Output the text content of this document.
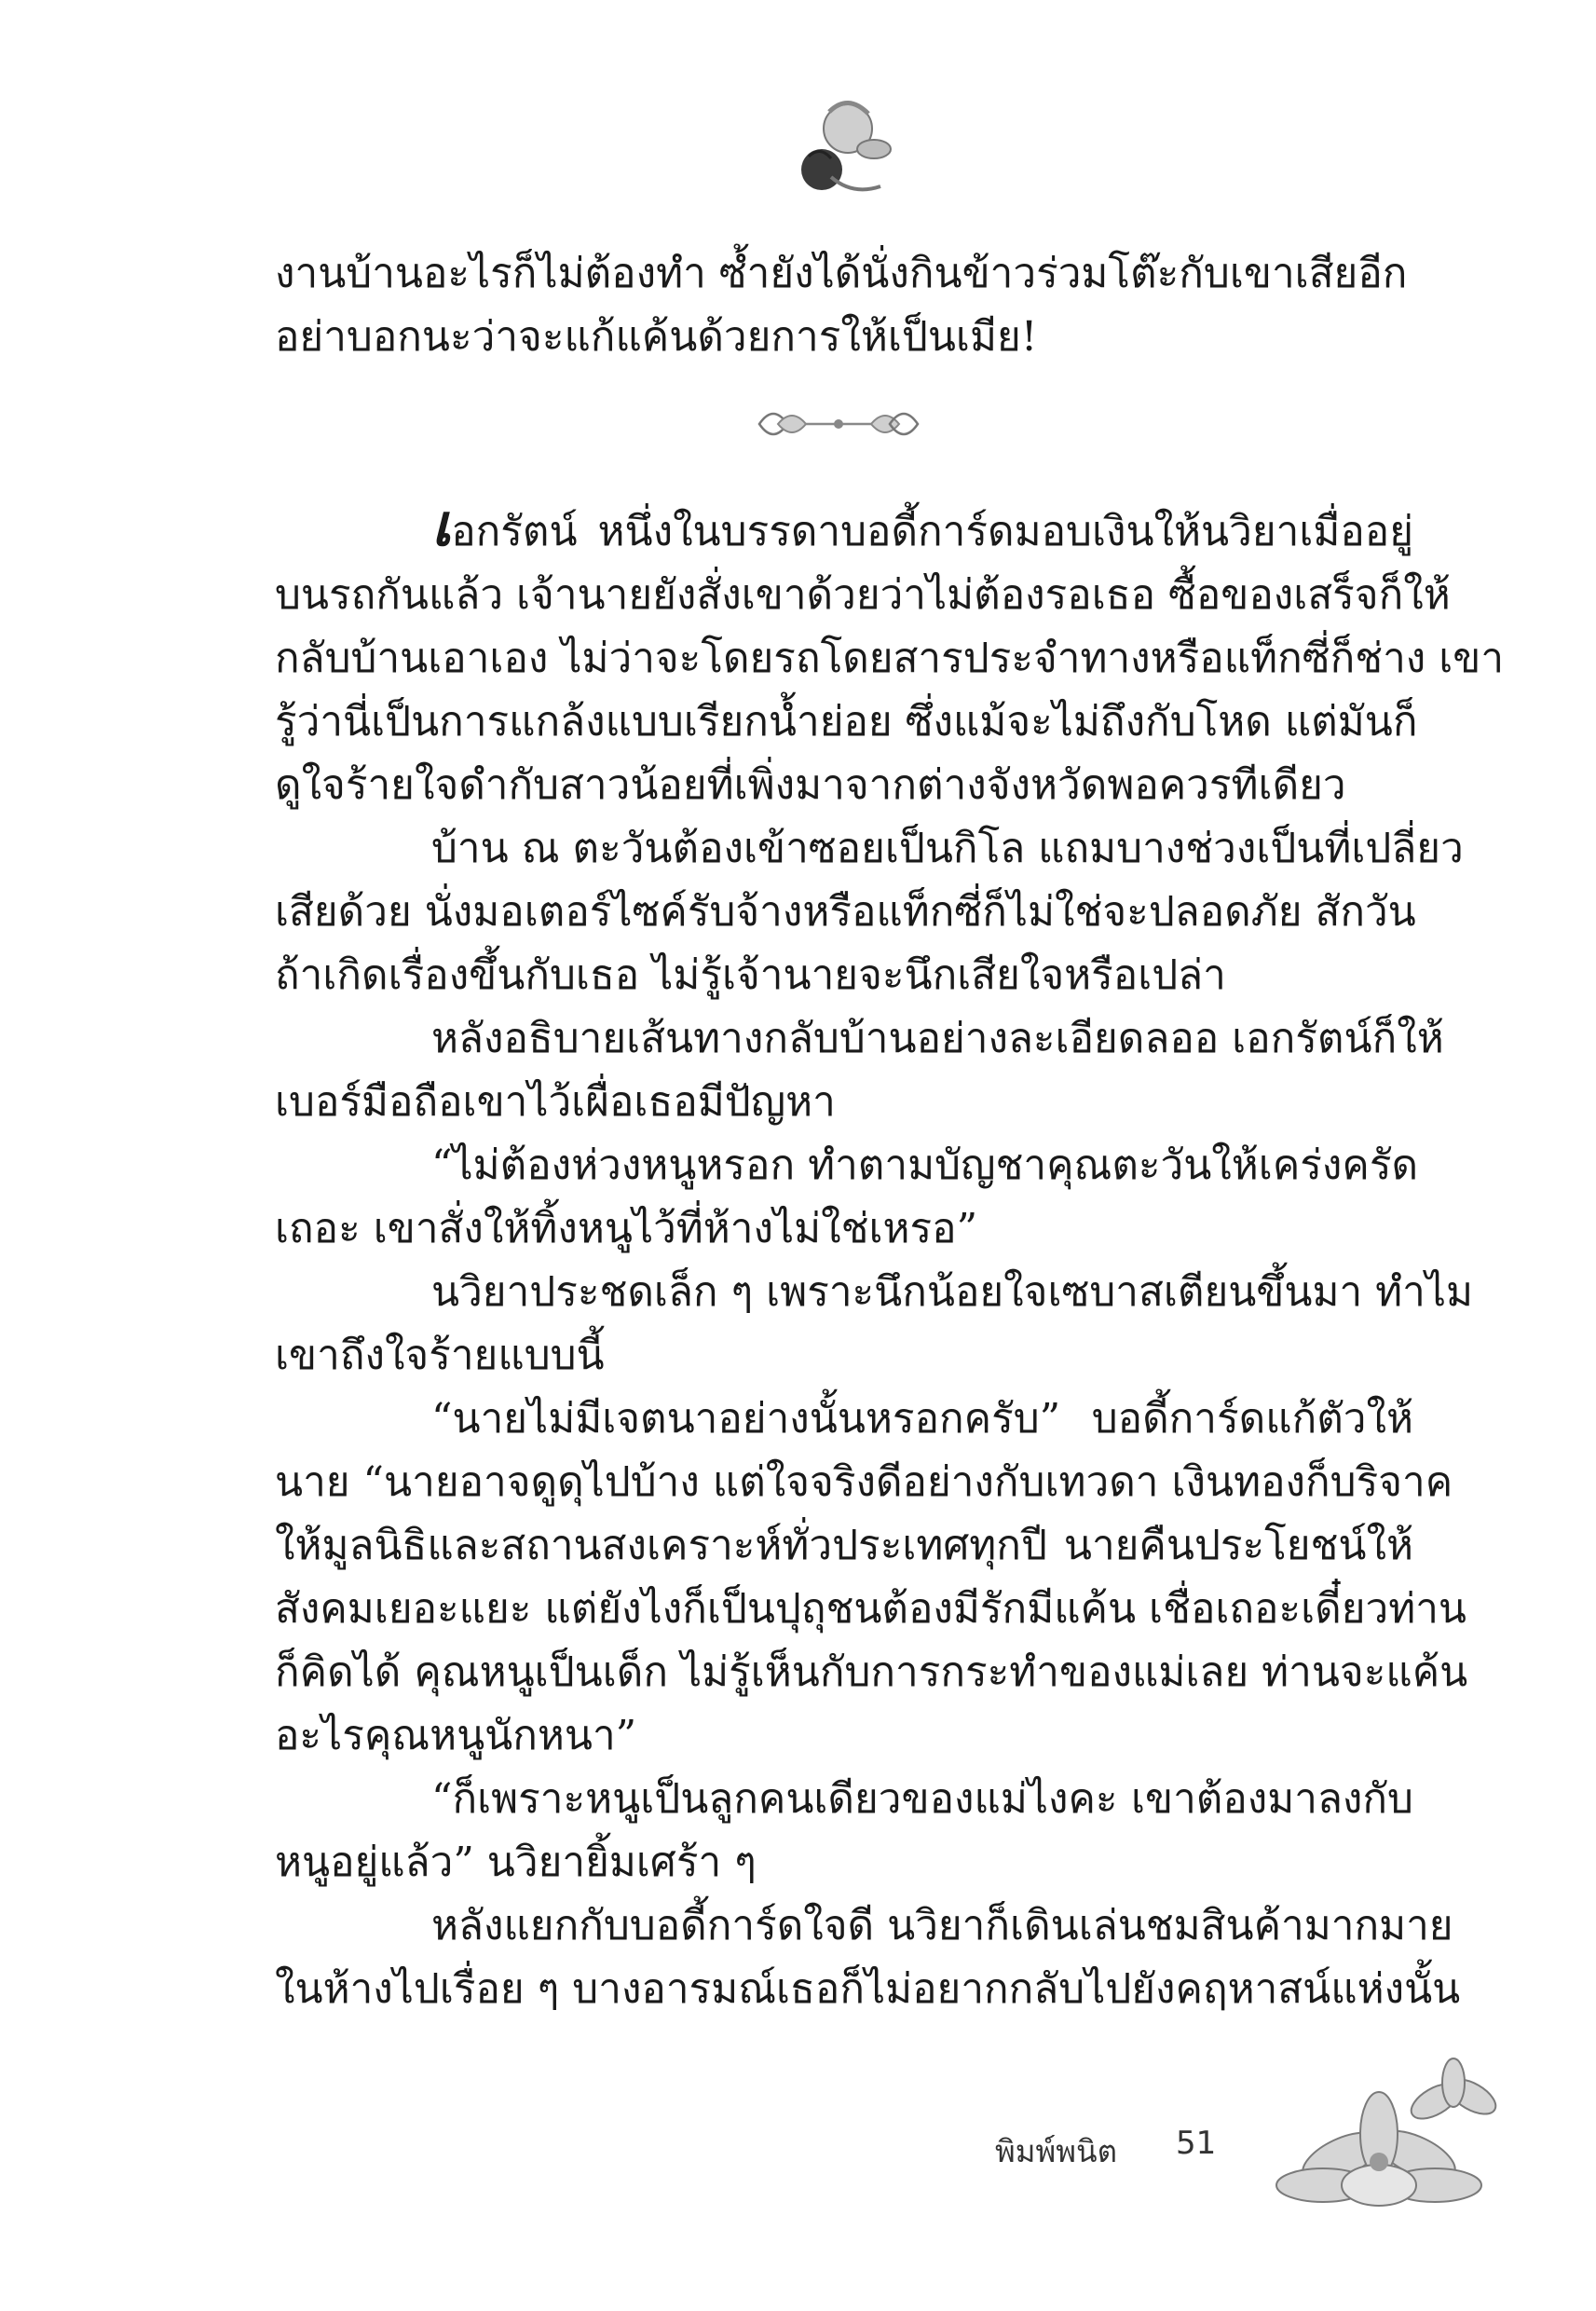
งานบ้านอะไรก็ไม่ต้องทำ ซ้ำยังได้นั่งกินข้าวร่วมโต๊ะกับเขาเสียอีก
อย่าบอกนะว่าจะแก้แค้นด้วยการให้เป็นเมีย!
เอกรัตน์ หนึ่งในบรรดาบอดี้การ์ดมอบเงินให้นวิยาเมื่ออยู่
บนรถกันแล้ว เจ้านายยังสั่งเขาด้วยว่าไม่ต้องรอเธอ ซื้อของเสร็จก็ให้
กลับบ้านเอาเอง ไม่ว่าจะโดยรถโดยสารประจำทางหรือแท็กซี่ก็ช่าง เขา
รู้ว่านี่เป็นการแกล้งแบบเรียกน้ำย่อย ซึ่งแม้จะไม่ถึงกับโหด แต่มันก็
ดูใจร้ายใจดำกับสาวน้อยที่เพิ่งมาจากต่างจังหวัดพอควรทีเดียว
บ้าน ณ ตะวันต้องเข้าซอยเป็นกิโล แถมบางช่วงเป็นที่เปลี่ยว
เสียด้วย นั่งมอเตอร์ไซค์รับจ้างหรือแท็กซี่ก็ไม่ใช่จะปลอดภัย สักวัน
ถ้าเกิดเรื่องขึ้นกับเธอ ไม่รู้เจ้านายจะนึกเสียใจหรือเปล่า
หลังอธิบายเส้นทางกลับบ้านอย่างละเอียดลออ เอกรัตน์ก็ให้
เบอร์มือถือเขาไว้เผื่อเธอมีปัญหา
“ไม่ต้องห่วงหนูหรอก ทำตามบัญชาคุณตะวันให้เคร่งครัด
เถอะ เขาสั่งให้ทิ้งหนูไว้ที่ห้างไม่ใช่เหรอ”
นวิยาประชดเล็ก ๆ เพราะนึกน้อยใจเซบาสเตียนขึ้นมา ทำไม
เขาถึงใจร้ายแบบนี้
“นายไม่มีเจตนาอย่างนั้นหรอกครับ” บอดี้การ์ดแก้ตัวให้
นาย “นายอาจดูดุไปบ้าง แต่ใจจริงดีอย่างกับเทวดา เงินทองก็บริจาค
ให้มูลนิธิและสถานสงเคราะห์ทั่วประเทศทุกปี นายคืนประโยชน์ให้
สังคมเยอะแยะ แต่ยังไงก็เป็นปุถุชนต้องมีรักมีแค้น เชื่อเถอะเดี๋ยวท่าน
ก็คิดได้ คุณหนูเป็นเด็ก ไม่รู้เห็นกับการกระทำของแม่เลย ท่านจะแค้น
อะไรคุณหนูนักหนา”
“ก็เพราะหนูเป็นลูกคนเดียวของแม่ไงคะ เขาต้องมาลงกับ
หนูอยู่แล้ว” นวิยายิ้มเศร้า ๆ
หลังแยกกับบอดี้การ์ดใจดี นวิยาก็เดินเล่นชมสินค้ามากมาย
ในห้างไปเรื่อย ๆ บางอารมณ์เธอก็ไม่อยากกลับไปยังคฤหาสน์แห่งนั้น
พิมพ์พนิต 51
